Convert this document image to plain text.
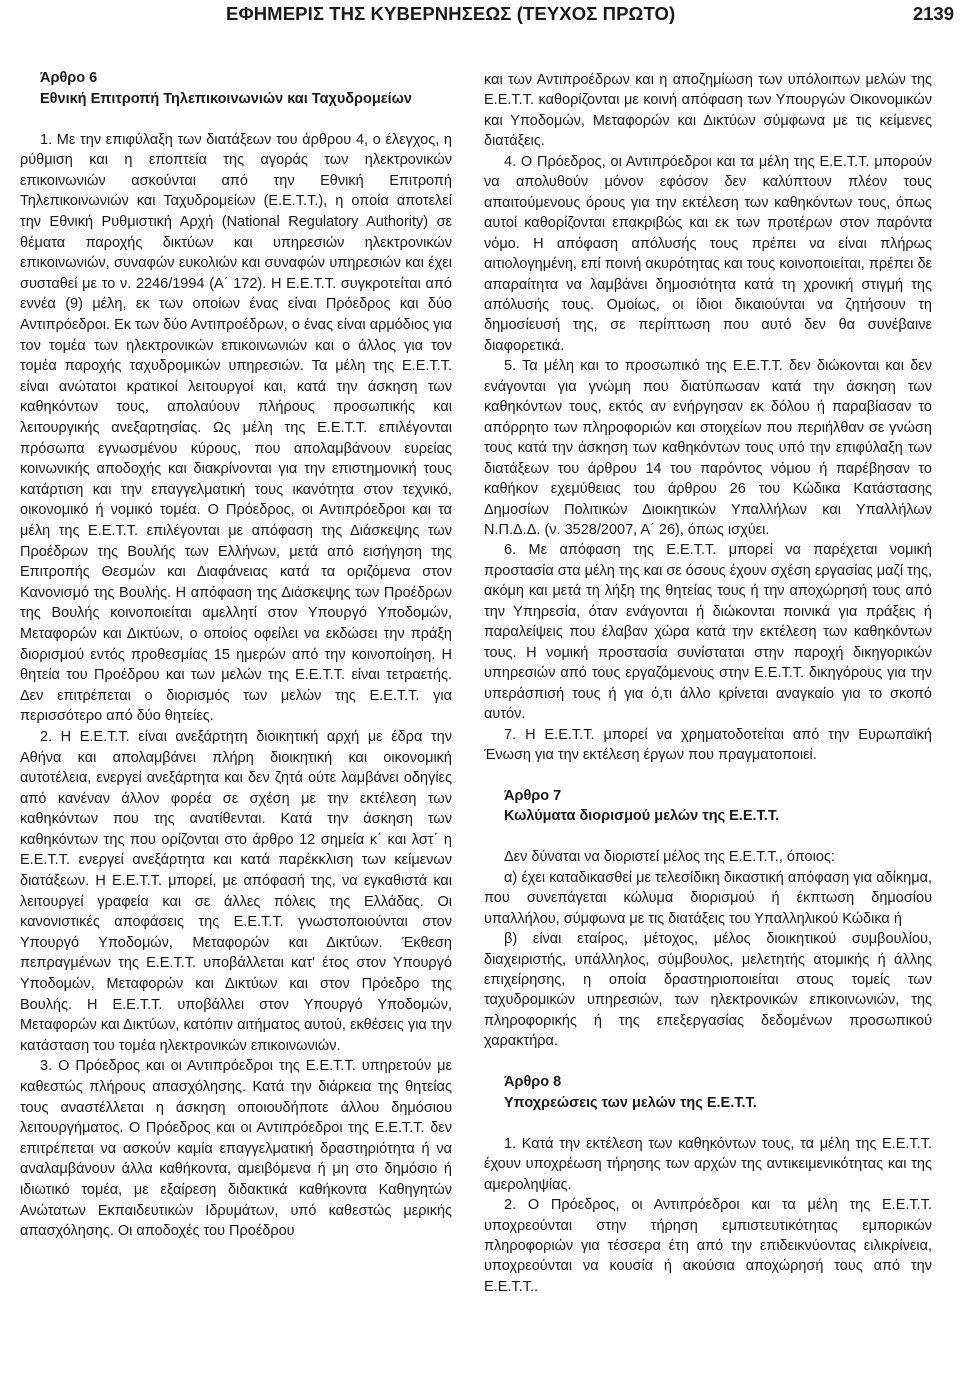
ΕΦΗΜΕΡΙΣ ΤΗΣ ΚΥΒΕΡΝΗΣΕΩΣ (ΤΕΥΧΟΣ ΠΡΩΤΟ)	2139

Άρθρο 6

Εθνική Επιτροπή Τηλεπικοινωνιών και Ταχυδρομείων

1. Με την επιφύλαξη των διατάξεων του άρθρου 4, ο έλεγχος, η ρύθμιση και η εποπτεία της αγοράς των ηλεκτρονικών επικοινωνιών ασκούνται από την Εθνική Επιτροπή Τηλεπικοινωνιών και Ταχυδρομείων (Ε.Ε.Τ.Τ.), η οποία αποτελεί την Εθνική Ρυθμιστική Αρχή (National Regulatory Authority) σε θέματα παροχής δικτύων και υπηρεσιών ηλεκτρονικών επικοινωνιών, συναφών ευκολιών και συναφών υπηρεσιών και έχει συσταθεί με το ν. 2246/1994 (Α΄ 172). Η Ε.Ε.Τ.Τ. συγκροτείται από εννέα (9) μέλη, εκ των οποίων ένας είναι Πρόεδρος και δύο Αντιπρόεδροι. Εκ των δύο Αντιπροέδρων, ο ένας είναι αρμόδιος για τον τομέα των ηλεκτρονικών επικοινωνιών και ο άλλος για τον τομέα παροχής ταχυδρομικών υπηρεσιών. Τα μέλη της Ε.Ε.Τ.Τ. είναι ανώτατοι κρατικοί λειτουργοί και, κατά την άσκηση των καθηκόντων τους, απολαύουν πλήρους προσωπικής και λειτουργικής ανεξαρτησίας. Ως μέλη της Ε.Ε.Τ.Τ. επιλέγονται πρόσωπα εγνωσμένου κύρους, που απολαμβάνουν ευρείας κοινωνικής αποδοχής και διακρίνονται για την επιστημονική τους κατάρτιση και την επαγγελματική τους ικανότητα στον τεχνικό, οικονομικό ή νομικό τομέα. Ο Πρόεδρος, οι Αντιπρόεδροι και τα μέλη της Ε.Ε.Τ.Τ. επιλέγονται με απόφαση της Διάσκεψης των Προέδρων της Βουλής των Ελλήνων, μετά από εισήγηση της Επιτροπής Θεσμών και Διαφάνειας κατά τα οριζόμενα στον Κανονισμό της Βουλής. Η απόφαση της Διάσκεψης των Προέδρων της Βουλής κοινοποιείται αμελλητί στον Υπουργό Υποδομών, Μεταφορών και Δικτύων, ο οποίος οφείλει να εκδώσει την πράξη διορισμού εντός προθεσμίας 15 ημερών από την κοινοποίηση. Η θητεία του Προέδρου και των μελών της Ε.Ε.Τ.Τ. είναι τετραετής. Δεν επιτρέπεται ο διορισμός των μελών της Ε.Ε.Τ.Τ. για περισσότερο από δύο θητείες.

2. Η Ε.Ε.Τ.Τ. είναι ανεξάρτητη διοικητική αρχή με έδρα την Αθήνα και απολαμβάνει πλήρη διοικητική και οικονομική αυτοτέλεια, ενεργεί ανεξάρτητα και δεν ζητά ούτε λαμβάνει οδηγίες από κανέναν άλλον φορέα σε σχέση με την εκτέλεση των καθηκόντων που της ανατίθενται. Κατά την άσκηση των καθηκόντων της που ορίζονται στο άρθρο 12 σημεία κ΄ και λστ΄ η Ε.Ε.Τ.Τ. ενεργεί ανεξάρτητα και κατά παρέκκλιση των κείμενων διατάξεων. Η Ε.Ε.Τ.Τ. μπορεί, με απόφασή της, να εγκαθιστά και λειτουργεί γραφεία και σε άλλες πόλεις της Ελλάδας. Οι κανονιστικές αποφάσεις της Ε.Ε.Τ.Τ. γνωστοποιούνται στον Υπουργό Υποδομών, Μεταφορών και Δικτύων. Έκθεση πεπραγμένων της Ε.Ε.Τ.Τ. υποβάλλεται κατ' έτος στον Υπουργό Υποδομών, Μεταφορών και Δικτύων και στον Πρόεδρο της Βουλής. Η Ε.Ε.Τ.Τ. υποβάλλει στον Υπουργό Υποδομών, Μεταφορών και Δικτύων, κατόπιν αιτήματος αυτού, εκθέσεις για την κατάσταση του τομέα ηλεκτρονικών επικοινωνιών.

3. Ο Πρόεδρος και οι Αντιπρόεδροι της Ε.Ε.Τ.Τ. υπηρετούν με καθεστώς πλήρους απασχόλησης. Κατά την διάρκεια της θητείας τους αναστέλλεται η άσκηση οποιουδήποτε άλλου δημόσιου λειτουργήματος. Ο Πρόεδρος και οι Αντιπρόεδροι της Ε.Ε.Τ.Τ. δεν επιτρέπεται να ασκούν καμία επαγγελματική δραστηριότητα ή να αναλαμβάνουν άλλα καθήκοντα, αμειβόμενα ή μη στο δημόσιο ή ιδιωτικό τομέα, με εξαίρεση διδακτικά καθήκοντα Καθηγητών Ανώτατων Εκπαιδευτικών Ιδρυμάτων, υπό καθεστώς μερικής απασχόλησης. Οι αποδοχές του Προέδρου

και των Αντιπροέδρων και η αποζημίωση των υπόλοιπων μελών της Ε.Ε.Τ.Τ. καθορίζονται με κοινή απόφαση των Υπουργών Οικονομικών και Υποδομών, Μεταφορών και Δικτύων σύμφωνα με τις κείμενες διατάξεις.

4. Ο Πρόεδρος, οι Αντιπρόεδροι και τα μέλη της Ε.Ε.Τ.Τ. μπορούν να απολυθούν μόνον εφόσον δεν καλύπτουν πλέον τους απαιτούμενους όρους για την εκτέλεση των καθηκόντων τους, όπως αυτοί καθορίζονται επακριβώς και εκ των προτέρων στον παρόντα νόμο. Η απόφαση απόλυσής τους πρέπει να είναι πλήρως αιτιολογημένη, επί ποινή ακυρότητας και τους κοινοποιείται, πρέπει δε απαραίτητα να λαμβάνει δημοσιότητα κατά τη χρονική στιγμή της απόλυσής τους. Ομοίως, οι ίδιοι δικαιούνται να ζητήσουν τη δημοσίευσή της, σε περίπτωση που αυτό δεν θα συνέβαινε διαφορετικά.

5. Τα μέλη και το προσωπικό της Ε.Ε.Τ.Τ. δεν διώκονται και δεν ενάγονται για γνώμη που διατύπωσαν κατά την άσκηση των καθηκόντων τους, εκτός αν ενήργησαν εκ δόλου ή παραβίασαν το απόρρητο των πληροφοριών και στοιχείων που περιήλθαν σε γνώση τους κατά την άσκηση των καθηκόντων τους υπό την επιφύλαξη των διατάξεων του άρθρου 14 του παρόντος νόμου ή παρέβησαν το καθήκον εχεμύθειας του άρθρου 26 του Κώδικα Κατάστασης Δημοσίων Πολιτικών Διοικητικών Υπαλλήλων και Υπαλλήλων Ν.Π.Δ.Δ. (ν. 3528/2007, Α΄ 26), όπως ισχύει.

6. Με απόφαση της Ε.Ε.Τ.Τ. μπορεί να παρέχεται νομική προστασία στα μέλη της και σε όσους έχουν σχέση εργασίας μαζί της, ακόμη και μετά τη λήξη της θητείας τους ή την αποχώρησή τους από την Υπηρεσία, όταν ενάγονται ή διώκονται ποινικά για πράξεις ή παραλείψεις που έλαβαν χώρα κατά την εκτέλεση των καθηκόντων τους. Η νομική προστασία συνίσταται στην παροχή δικηγορικών υπηρεσιών από τους εργαζόμενους στην Ε.Ε.Τ.Τ. δικηγόρους για την υπεράσπισή τους ή για ό,τι άλλο κρίνεται αναγκαίο για το σκοπό αυτόν.

7. Η Ε.Ε.Τ.Τ. μπορεί να χρηματοδοτείται από την Ευρωπαϊκή Ένωση για την εκτέλεση έργων που πραγματοποιεί.

Άρθρο 7

Κωλύματα διορισμού μελών της Ε.Ε.Τ.Τ.

Δεν δύναται να διοριστεί μέλος της Ε.Ε.Τ.Τ., όποιος:

α) έχει καταδικασθεί με τελεσίδικη δικαστική απόφαση για αδίκημα, που συνεπάγεται κώλυμα διορισμού ή έκπτωση δημοσίου υπαλλήλου, σύμφωνα με τις διατάξεις του Υπαλληλικού Κώδικα ή

β) είναι εταίρος, μέτοχος, μέλος διοικητικού συμβουλίου, διαχειριστής, υπάλληλος, σύμβουλος, μελετητής ατομικής ή άλλης επιχείρησης, η οποία δραστηριοποιείται στους τομείς των ταχυδρομικών υπηρεσιών, των ηλεκτρονικών επικοινωνιών, της πληροφορικής ή της επεξεργασίας δεδομένων προσωπικού χαρακτήρα.

Άρθρο 8

Υποχρεώσεις των μελών της Ε.Ε.Τ.Τ.

1. Κατά την εκτέλεση των καθηκόντων τους, τα μέλη της Ε.Ε.Τ.Τ. έχουν υποχρέωση τήρησης των αρχών της αντικειμενικότητας και της αμεροληψίας.

2. Ο Πρόεδρος, οι Αντιπρόεδροι και τα μέλη της Ε.Ε.Τ.Τ. υποχρεούνται στην τήρηση εμπιστευτικότητας εμπορικών πληροφοριών για τέσσερα έτη από την επιδεικνύοντας ειλικρίνεια, υποχρεούνται να κουσία ή ακούσια αποχώρησή τους από την Ε.Ε.Τ.Τ..
